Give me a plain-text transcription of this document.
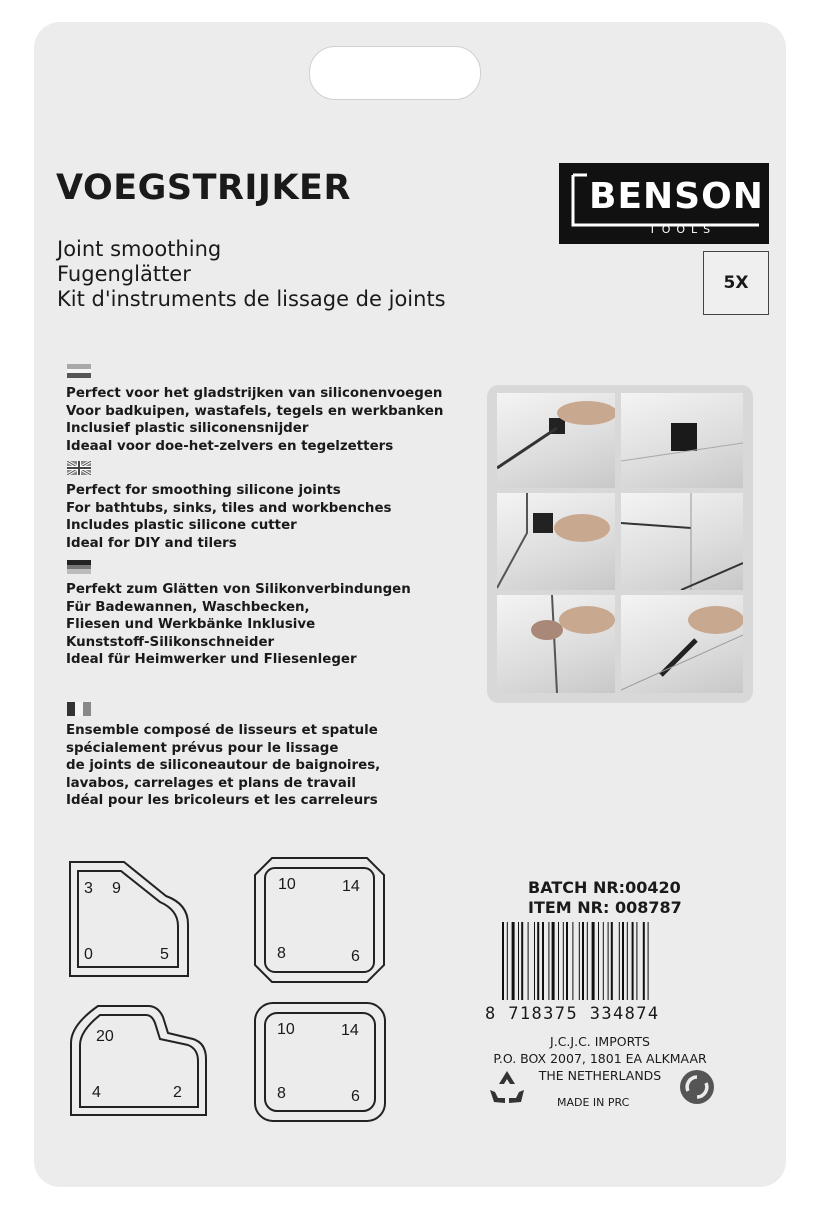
VOEGSTRIJKER
Joint smoothing
Fugenglätter
Kit d'instruments de lissage de joints
BENSON
TOOLS
5X
Perfect voor het gladstrijken van siliconenvoegen
Voor badkuipen, wastafels, tegels en werkbanken
Inclusief plastic siliconensnijder
Ideaal voor doe-het-zelvers en tegelzetters
Perfect for smoothing silicone joints
For bathtubs, sinks, tiles and workbenches
Includes plastic silicone cutter
Ideal for DIY and tilers
Perfekt zum Glätten von Silikonverbindungen
Für Badewannen, Waschbecken,
Fliesen und Werkbänke Inklusive
Kunststoff-Silikonschneider
Ideal für Heimwerker und Fliesenleger
Ensemble composé de lisseurs et spatule
spécialement prévus pour le lissage
de joints de siliconeautour de baignoires,
lavabos, carrelages et plans de travail
Idéal pour les bricoleurs et les carreleurs
3 9
0	5
10	14
8	6
20
4	2
10	14
8	6
BATCH NR:00420
ITEM NR: 008787
8 718375 334874
J.C.J.C. IMPORTS
P.O. BOX 2007, 1801 EA ALKMAAR
THE NETHERLANDS
MADE IN PRC
